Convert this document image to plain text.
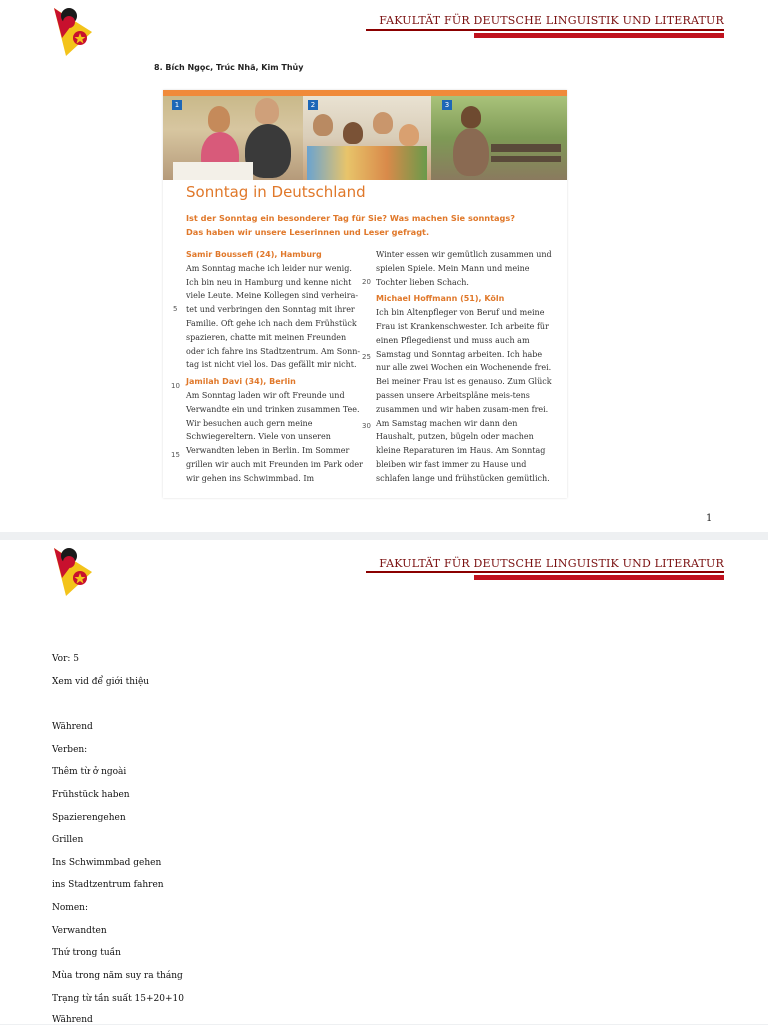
FAKULTÄT FÜR DEUTSCHE LINGUISTIK UND LITERATUR
8. Bích Ngọc, Trúc Nhã, Kim Thủy
1	2	3
Sonntag in Deutschland
Ist der Sonntag ein besonderer Tag für Sie? Was machen Sie sonntags?
Das haben wir unsere Leserinnen und Leser gefragt.
Samir Boussefi (24), Hamburg
Am Sonntag mache ich leider nur wenig. Ich bin neu in Hamburg und kenne nicht viele Leute. Meine Kollegen sind verheira-tet und verbringen den Sonntag mit ihrer Familie. Oft gehe ich nach dem Frühstück spazieren, chatte mit meinen Freunden oder ich fahre ins Stadtzentrum. Am Sonn-tag ist nicht viel los. Das gefällt mir nicht.
Jamilah Davi (34), Berlin
Am Sonntag laden wir oft Freunde und Verwandte ein und trinken zusammen Tee. Wir besuchen auch gern meine Schwiegereltern. Viele von unseren Verwandten leben in Berlin. Im Sommer grillen wir auch mit Freunden im Park oder wir gehen ins Schwimmbad. Im
Winter essen wir gemütlich zusammen und spielen Spiele. Mein Mann und meine Tochter lieben Schach.
Michael Hoffmann (51), Köln
Ich bin Altenpfleger von Beruf und meine Frau ist Krankenschwester. Ich arbeite für einen Pflegedienst und muss auch am Samstag und Sonntag arbeiten. Ich habe nur alle zwei Wochen ein Wochenende frei. Bei meiner Frau ist es genauso. Zum Glück passen unsere Arbeitspläne meis-tens zusammen und wir haben zusam-men frei. Am Samstag machen wir dann den Haushalt, putzen, bügeln oder machen kleine Reparaturen im Haus. Am Sonntag bleiben wir fast immer zu Hause und schlafen lange und frühstücken gemütlich.
5
10
15
20
25
30
1
FAKULTÄT FÜR DEUTSCHE LINGUISTIK UND LITERATUR
Vor: 5
Xem vid để giới thiệu
Während
Verben:
Thêm từ ở ngoài
Frühstück haben
Spazierengehen
Grillen
Ins Schwimmbad gehen
ins Stadtzentrum fahren
Nomen:
Verwandten
Thứ trong tuần
Mùa trong năm suy ra tháng
Trạng từ tần suất 15+20+10
Während
